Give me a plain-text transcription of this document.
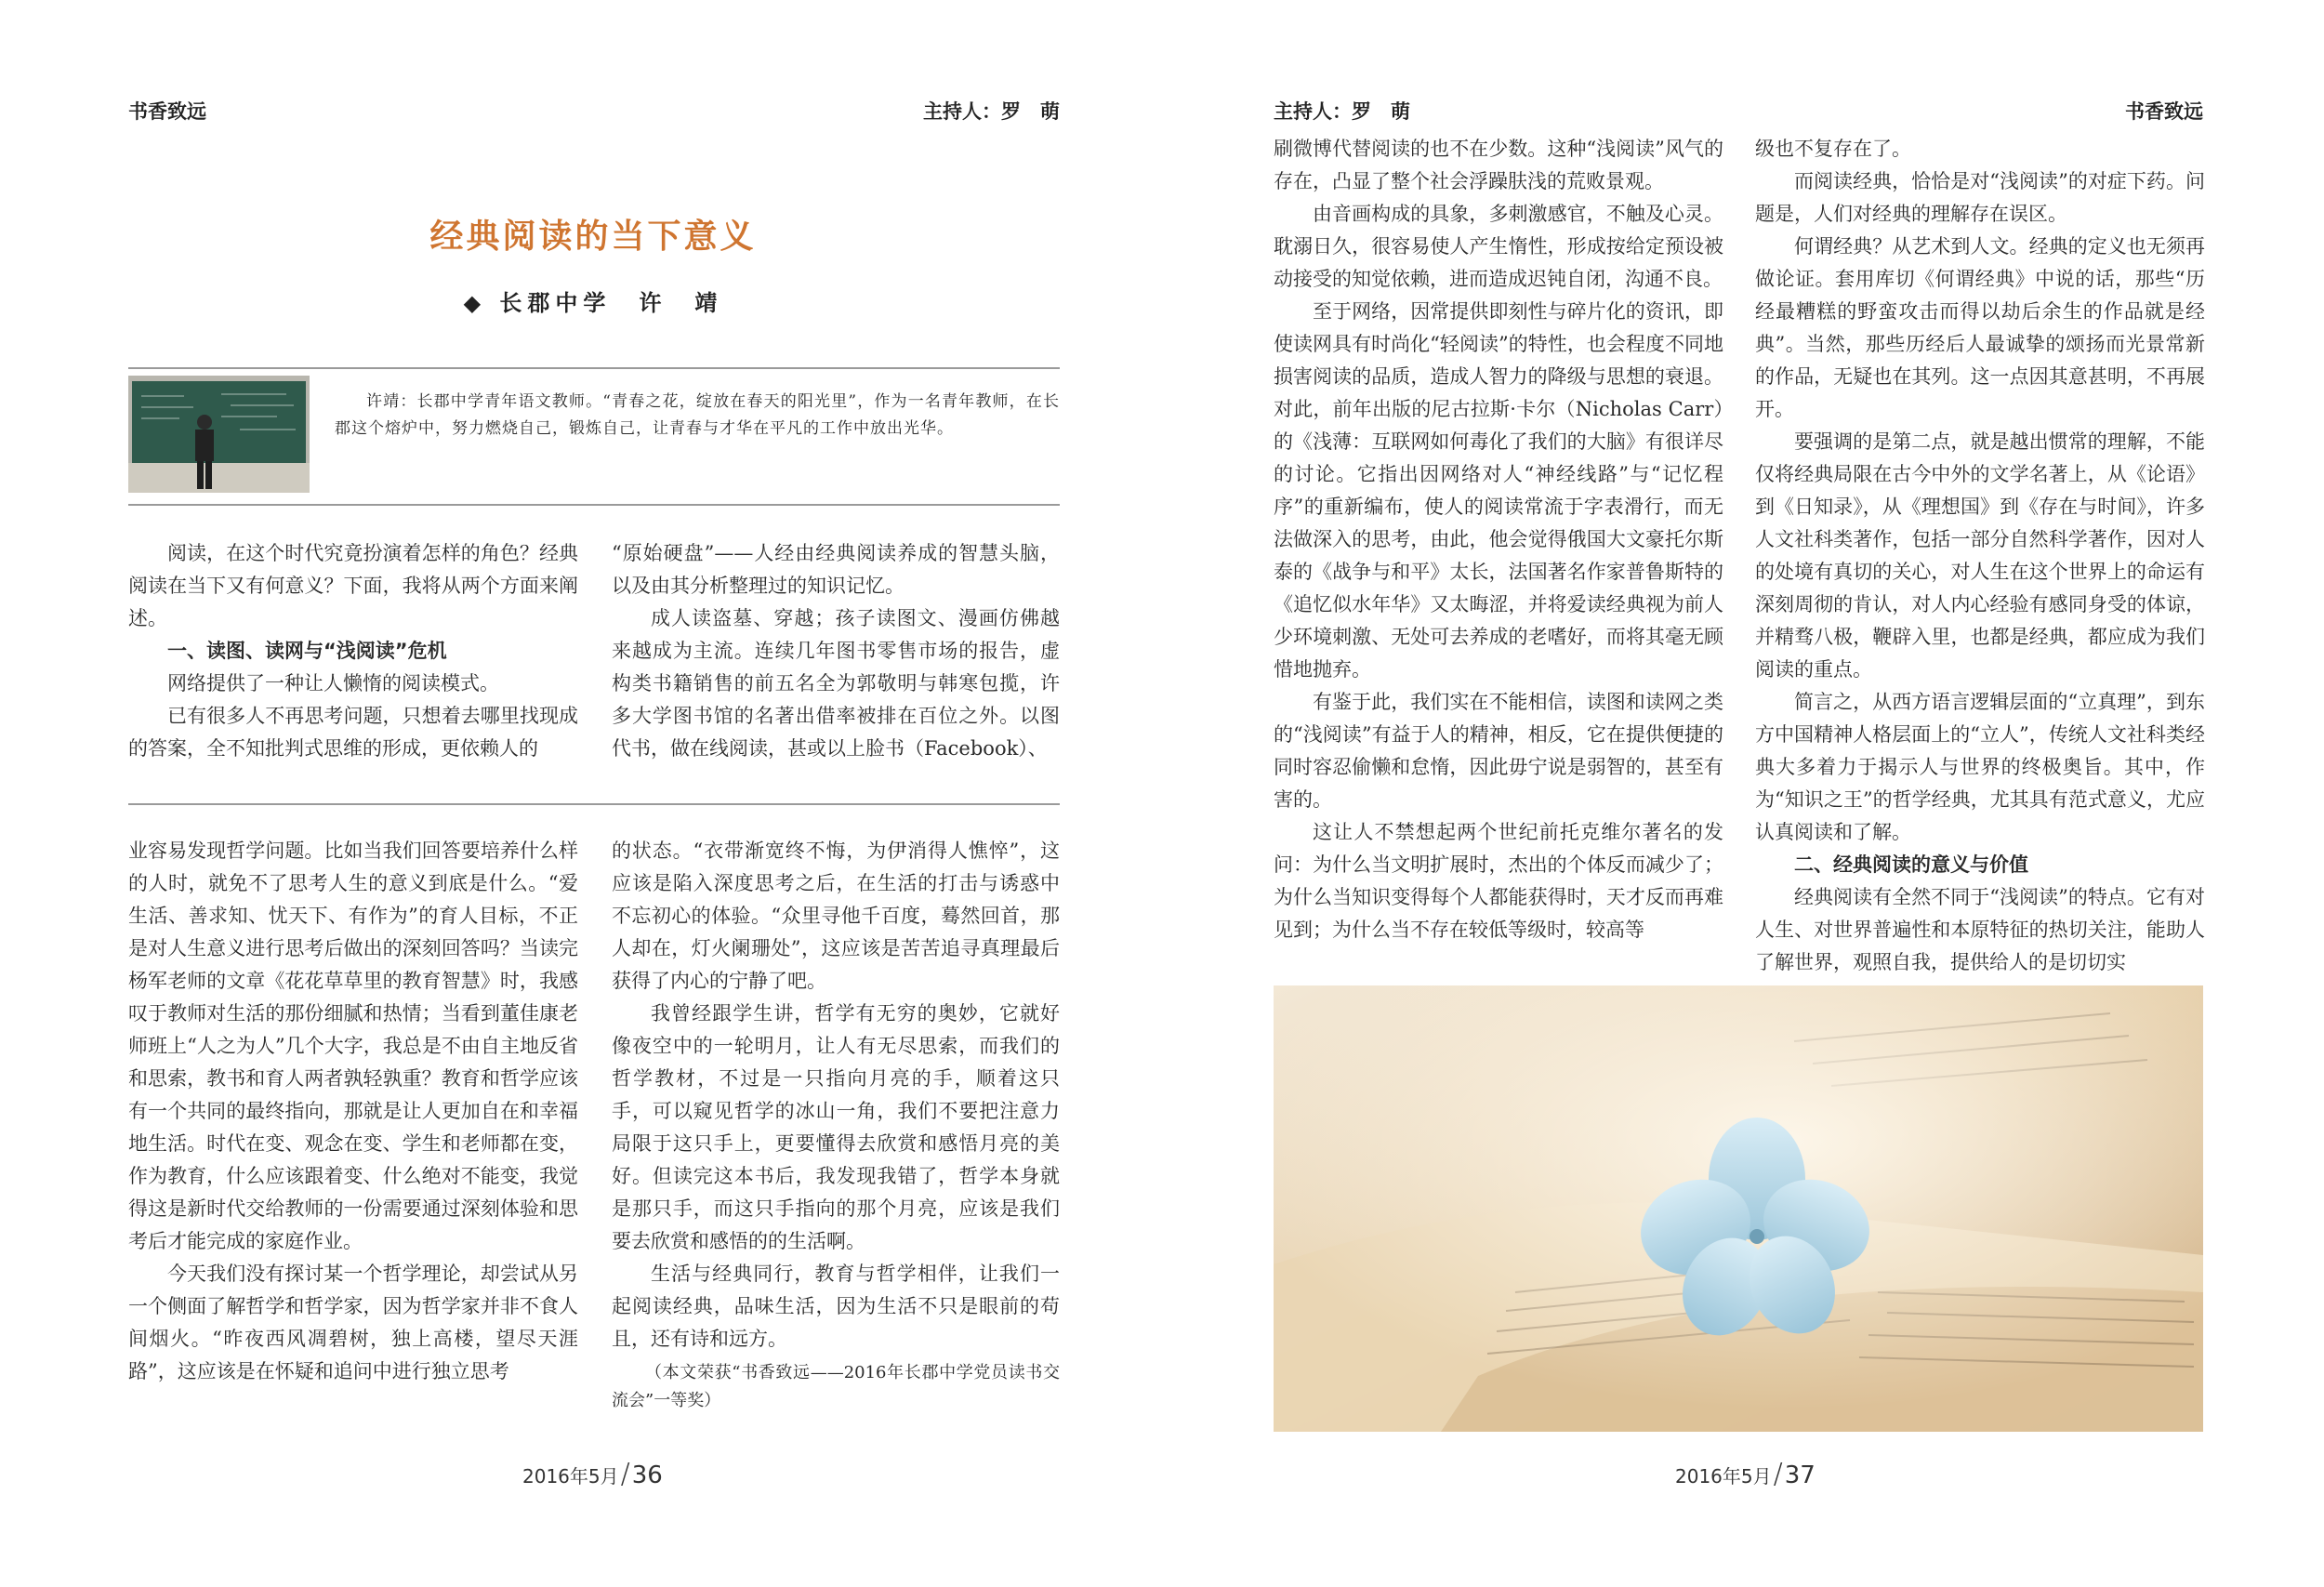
书香致远	主持人：罗　萌
经典阅读的当下意义
◆ 长郡中学　许　靖
许靖：长郡中学青年语文教师。“青春之花，绽放在春天的阳光里”，作为一名青年教师，在长郡这个熔炉中，努力燃烧自己，锻炼自己，让青春与才华在平凡的工作中放出光华。

阅读，在这个时代究竟扮演着怎样的角色？经典阅读在当下又有何意义？下面，我将从两个方面来阐述。

一、读图、读网与“浅阅读”危机

网络提供了一种让人懒惰的阅读模式。

已有很多人不再思考问题，只想着去哪里找现成的答案，全不知批判式思维的形成，更依赖人的

“原始硬盘”——人经由经典阅读养成的智慧头脑，以及由其分析整理过的知识记忆。

成人读盗墓、穿越；孩子读图文、漫画仿佛越来越成为主流。连续几年图书零售市场的报告，虚构类书籍销售的前五名全为郭敬明与韩寒包揽，许多大学图书馆的名著出借率被排在百位之外。以图代书，做在线阅读，甚或以上脸书（Facebook）、

业容易发现哲学问题。比如当我们回答要培养什么样的人时，就免不了思考人生的意义到底是什么。“爱生活、善求知、忧天下、有作为”的育人目标，不正是对人生意义进行思考后做出的深刻回答吗？当读完杨军老师的文章《花花草草里的教育智慧》时，我感叹于教师对生活的那份细腻和热情；当看到董佳康老师班上“人之为人”几个大字，我总是不由自主地反省和思索，教书和育人两者孰轻孰重？教育和哲学应该有一个共同的最终指向，那就是让人更加自在和幸福地生活。时代在变、观念在变、学生和老师都在变，作为教育，什么应该跟着变、什么绝对不能变，我觉得这是新时代交给教师的一份需要通过深刻体验和思考后才能完成的家庭作业。

今天我们没有探讨某一个哲学理论，却尝试从另一个侧面了解哲学和哲学家，因为哲学家并非不食人间烟火。“昨夜西风凋碧树，独上高楼，望尽天涯路”，这应该是在怀疑和追问中进行独立思考

的状态。“衣带渐宽终不悔，为伊消得人憔悴”，这应该是陷入深度思考之后，在生活的打击与诱惑中不忘初心的体验。“众里寻他千百度，蓦然回首，那人却在，灯火阑珊处”，这应该是苦苦追寻真理最后获得了内心的宁静了吧。

我曾经跟学生讲，哲学有无穷的奥妙，它就好像夜空中的一轮明月，让人有无尽思索，而我们的哲学教材，不过是一只指向月亮的手，顺着这只手，可以窥见哲学的冰山一角，我们不要把注意力局限于这只手上，更要懂得去欣赏和感悟月亮的美好。但读完这本书后，我发现我错了，哲学本身就是那只手，而这只手指向的那个月亮，应该是我们要去欣赏和感悟的的生活啊。

生活与经典同行，教育与哲学相伴，让我们一起阅读经典，品味生活，因为生活不只是眼前的苟且，还有诗和远方。

（本文荣获“书香致远——2016年长郡中学党员读书交流会”一等奖）

2016年5月/36
主持人：罗　萌	书香致远

刷微博代替阅读的也不在少数。这种“浅阅读”风气的存在，凸显了整个社会浮躁肤浅的荒败景观。

由音画构成的具象，多刺激感官，不触及心灵。耽溺日久，很容易使人产生惰性，形成按给定预设被动接受的知觉依赖，进而造成迟钝自闭，沟通不良。

至于网络，因常提供即刻性与碎片化的资讯，即使读网具有时尚化“轻阅读”的特性，也会程度不同地损害阅读的品质，造成人智力的降级与思想的衰退。对此，前年出版的尼古拉斯·卡尔（Nicholas Carr）的《浅薄：互联网如何毒化了我们的大脑》有很详尽的讨论。它指出因网络对人“神经线路”与“记忆程序”的重新编布，使人的阅读常流于字表滑行，而无法做深入的思考，由此，他会觉得俄国大文豪托尔斯泰的《战争与和平》太长，法国著名作家普鲁斯特的《追忆似水年华》又太晦涩，并将爱读经典视为前人少环境刺激、无处可去养成的老嗜好，而将其毫无顾惜地抛弃。

有鉴于此，我们实在不能相信，读图和读网之类的“浅阅读”有益于人的精神，相反，它在提供便捷的同时容忍偷懒和怠惰，因此毋宁说是弱智的，甚至有害的。

这让人不禁想起两个世纪前托克维尔著名的发问：为什么当文明扩展时，杰出的个体反而减少了；为什么当知识变得每个人都能获得时，天才反而再难见到；为什么当不存在较低等级时，较高等

级也不复存在了。

而阅读经典，恰恰是对“浅阅读”的对症下药。问题是，人们对经典的理解存在误区。

何谓经典？从艺术到人文。经典的定义也无须再做论证。套用库切《何谓经典》中说的话，那些“历经最糟糕的野蛮攻击而得以劫后余生的作品就是经典”。当然，那些历经后人最诚挚的颂扬而光景常新的作品，无疑也在其列。这一点因其意甚明，不再展开。

要强调的是第二点，就是越出惯常的理解，不能仅将经典局限在古今中外的文学名著上，从《论语》到《日知录》，从《理想国》到《存在与时间》，许多人文社科类著作，包括一部分自然科学著作，因对人的处境有真切的关心，对人生在这个世界上的命运有深刻周彻的肯认，对人内心经验有感同身受的体谅，并精骛八极，鞭辟入里，也都是经典，都应成为我们阅读的重点。

简言之，从西方语言逻辑层面的“立真理”，到东方中国精神人格层面上的“立人”，传统人文社科类经典大多着力于揭示人与世界的终极奥旨。其中，作为“知识之王”的哲学经典，尤其具有范式意义，尤应认真阅读和了解。

二、经典阅读的意义与价值

经典阅读有全然不同于“浅阅读”的特点。它有对人生、对世界普遍性和本原特征的热切关注，能助人了解世界，观照自我，提供给人的是切切实

2016年5月/37
